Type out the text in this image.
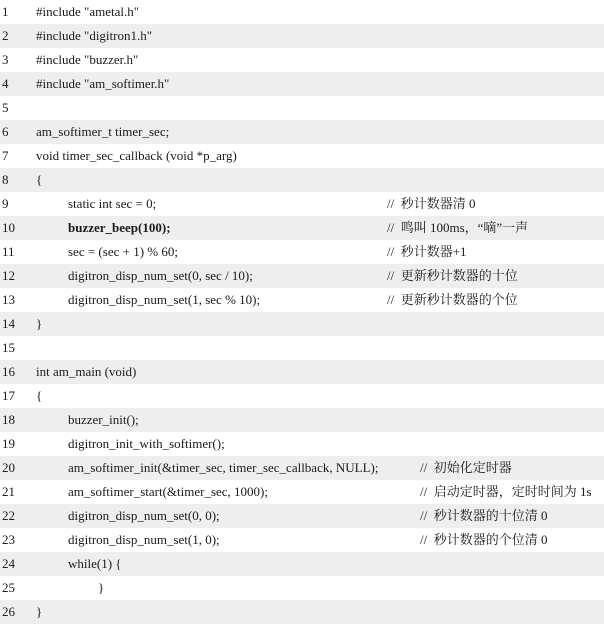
1	#include "ametal.h"
2	#include "digitron1.h"
3	#include "buzzer.h"
4	#include "am_softimer.h"
5
6	am_softimer_t timer_sec;
7	void timer_sec_callback (void *p_arg)
8	{
9	static int sec = 0;	//  秒计数器清 0
10	buzzer_beep(100);	//  鸣叫 100ms，“嘀”一声
11	sec = (sec + 1) % 60;	//  秒计数器+1
12	digitron_disp_num_set(0, sec / 10);	//  更新秒计数器的十位
13	digitron_disp_num_set(1, sec % 10);	//  更新秒计数器的个位
14	}
15
16	int am_main (void)
17	{
18	buzzer_init();
19	digitron_init_with_softimer();
20	am_softimer_init(&timer_sec, timer_sec_callback, NULL);	//  初始化定时器
21	am_softimer_start(&timer_sec, 1000);	//  启动定时器，定时时间为 1s
22	digitron_disp_num_set(0, 0);	//  秒计数器的十位清 0
23	digitron_disp_num_set(1, 0);	//  秒计数器的个位清 0
24	while(1) {
25	}
26	}
